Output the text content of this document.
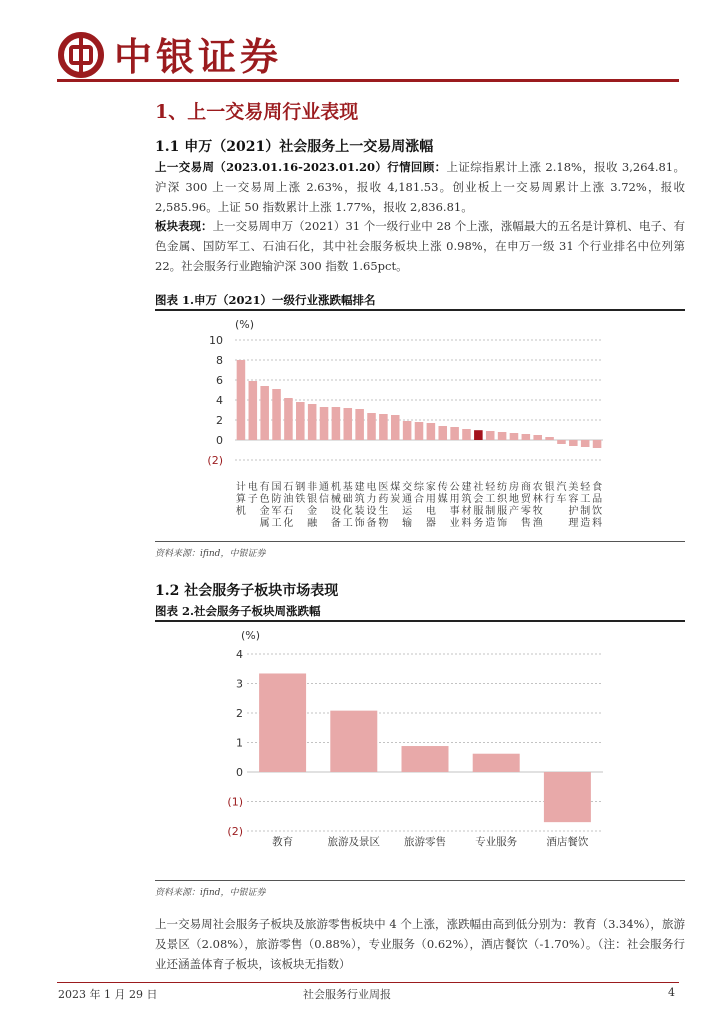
中银证券
1、上一交易周行业表现
1.1 申万（2021）社会服务上一交易周涨幅
上一交易周（2023.01.16-2023.01.20）行情回顾：上证综指累计上涨 2.18%，报收 3,264.81。沪深 300 上一交易周上涨 2.63%，报收 4,181.53。创业板上一交易周累计上涨 3.72%，报收 2,585.96。上证 50 指数累计上涨 1.77%，报收 2,836.81。
板块表现：上一交易周申万（2021）31 个一级行业中 28 个上涨，涨幅最大的五名是计算机、电子、有色金属、国防军工、石油石化，其中社会服务板块上涨 0.98%，在申万一级 31 个行业排名中位列第 22。社会服务行业跑输沪深 300 指数 1.65pct。
图表 1.申万（2021）一级行业涨跌幅排名
(%)
10
8
6
4
2
0
(2)
计算机
电子
有色金属
国防军工
石油石化
钢铁
非银金融
通信
机械设备
基础化工
建筑装饰
电力设备
医药生物
煤炭
交通运输
综合
家用电器
传媒
公用事业
建筑材料
社会服务
轻工制造
纺织服饰
房地产
商贸零售
农林牧渔
银行
汽车
美容护理
轻工制造
食品饮料
资料来源：ifind，中银证券
1.2 社会服务子板块市场表现
图表 2.社会服务子板块周涨跌幅
(%)
4
3
2
1
0
(1)
(2)
教育	旅游及景区 旅游零售	专业服务	酒店餐饮
资料来源：ifind，中银证券
上一交易周社会服务子板块及旅游零售板块中 4 个上涨，涨跌幅由高到低分别为：教育（3.34%），旅游及景区（2.08%），旅游零售（0.88%），专业服务（0.62%），酒店餐饮（-1.70%）。（注：社会服务行业还涵盖体育子板块，该板块无指数）
2023 年 1 月 29 日	社会服务行业周报	4
